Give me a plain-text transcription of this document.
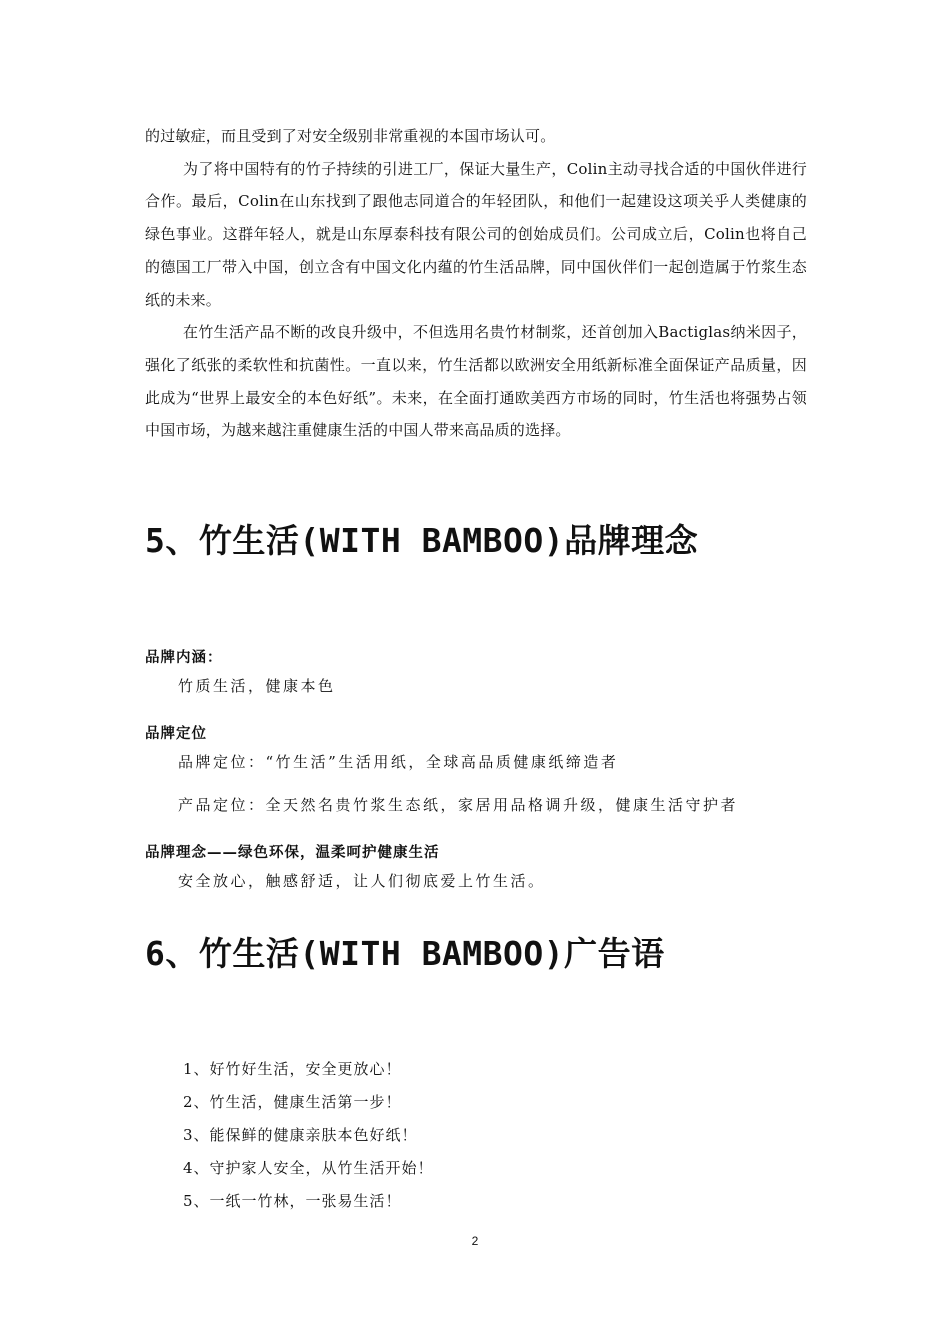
的过敏症，而且受到了对安全级别非常重视的本国市场认可。

为了将中国特有的竹子持续的引进工厂，保证大量生产，Colin主动寻找合适的中国伙伴进行合作。最后，Colin在山东找到了跟他志同道合的年轻团队，和他们一起建设这项关乎人类健康的绿色事业。这群年轻人，就是山东厚泰科技有限公司的创始成员们。公司成立后，Colin也将自己的德国工厂带入中国，创立含有中国文化内蕴的竹生活品牌，同中国伙伴们一起创造属于竹浆生态纸的未来。

在竹生活产品不断的改良升级中，不但选用名贵竹材制浆，还首创加入Bactiglas纳米因子，强化了纸张的柔软性和抗菌性。一直以来，竹生活都以欧洲安全用纸新标准全面保证产品质量，因此成为“世界上最安全的本色好纸”。未来，在全面打通欧美西方市场的同时，竹生活也将强势占领中国市场，为越来越注重健康生活的中国人带来高品质的选择。

5、竹生活(WITH BAMBOO)品牌理念

品牌内涵：

竹质生活，健康本色

品牌定位

品牌定位：“竹生活”生活用纸，全球高品质健康纸缔造者

产品定位：全天然名贵竹浆生态纸，家居用品格调升级，健康生活守护者

品牌理念——绿色环保，温柔呵护健康生活

安全放心，触感舒适，让人们彻底爱上竹生活。

6、竹生活(WITH BAMBOO)广告语
1、好竹好生活，安全更放心！
2、竹生活，健康生活第一步！
3、能保鲜的健康亲肤本色好纸！
4、守护家人安全，从竹生活开始！
5、一纸一竹林，一张易生活！
2
